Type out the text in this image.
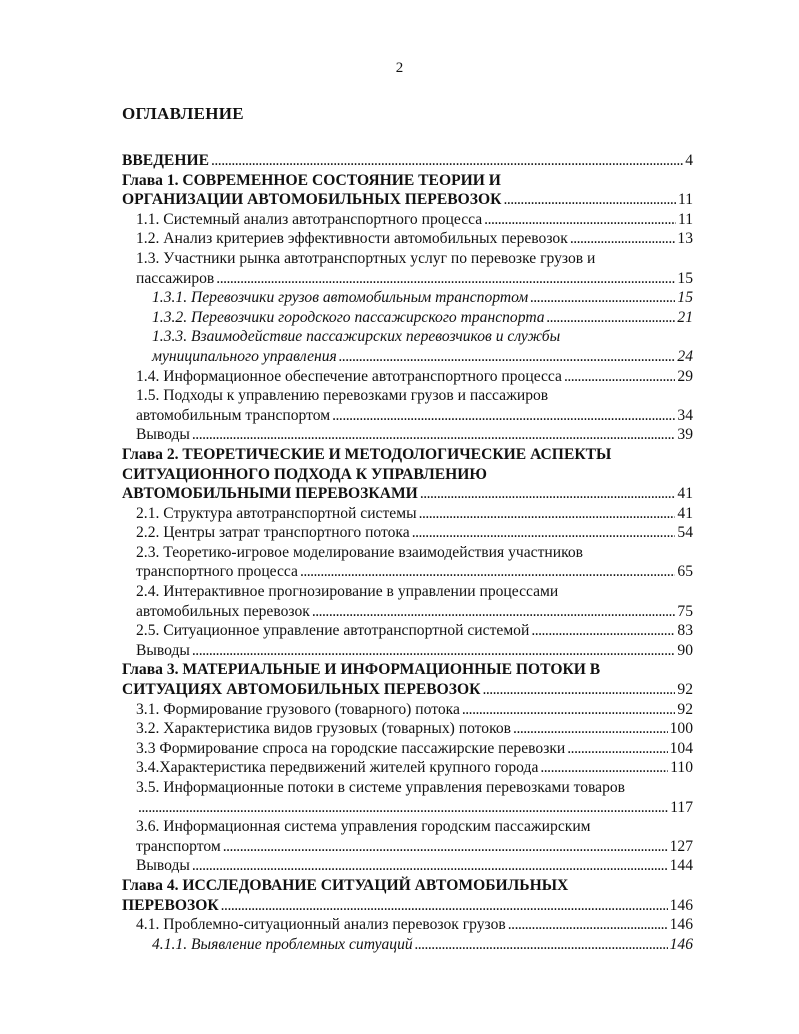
2
ОГЛАВЛЕНИЕ
ВВЕДЕНИЕ . . .	4
Глава 1. СОВРЕМЕННОЕ СОСТОЯНИЕ ТЕОРИИ И
ОРГАНИЗАЦИИ АВТОМОБИЛЬНЫХ ПЕРЕВОЗОК . . .	11
1.1. Системный анализ автотранспортного процесса . . .	11
1.2. Анализ критериев эффективности автомобильных перевозок . . .	13
1.3. Участники рынка автотранспортных услуг по перевозке грузов и
пассажиров . . .	15
1.3.1. Перевозчики грузов автомобильным транспортом . . .	15
1.3.2. Перевозчики городского пассажирского транспорта . . .	21
1.3.3. Взаимодействие пассажирских перевозчиков и службы
муниципального управления . . .	24
1.4. Информационное обеспечение автотранспортного процесса . . .	29
1.5. Подходы к управлению перевозками грузов и пассажиров
автомобильным транспортом . . .	34
Выводы . . .	39
Глава 2. ТЕОРЕТИЧЕСКИЕ И МЕТОДОЛОГИЧЕСКИЕ АСПЕКТЫ
СИТУАЦИОННОГО ПОДХОДА К УПРАВЛЕНИЮ
АВТОМОБИЛЬНЫМИ ПЕРЕВОЗКАМИ . . .	41
2.1. Структура автотранспортной системы . . .	41
2.2. Центры затрат транспортного потока . . .	54
2.3. Теоретико-игровое моделирование взаимодействия участников
транспортного процесса . . .	65
2.4. Интерактивное прогнозирование в управлении процессами
автомобильных перевозок . . .	75
2.5. Ситуационное управление автотранспортной системой . . .	83
Выводы . . .	90
Глава 3. МАТЕРИАЛЬНЫЕ И ИНФОРМАЦИОННЫЕ ПОТОКИ В
СИТУАЦИЯХ АВТОМОБИЛЬНЫХ ПЕРЕВОЗОК . . .	92
3.1. Формирование грузового (товарного) потока . . .	92
3.2. Характеристика видов грузовых (товарных) потоков . . .	100
3.3 Формирование спроса на городские пассажирские перевозки . . .	104
3.4.Характеристика передвижений жителей крупного города . . .	110
3.5. Информационные потоки в системе управления перевозками товаров
. . .
117
3.6. Информационная система управления городским пассажирским
транспортом . . .	127
Выводы . . .	144
Глава 4. ИССЛЕДОВАНИЕ СИТУАЦИЙ АВТОМОБИЛЬНЫХ
ПЕРЕВОЗОК . . .	146
4.1. Проблемно-ситуационный анализ перевозок грузов . . .	146
4.1.1. Выявление проблемных ситуаций . . .	146
